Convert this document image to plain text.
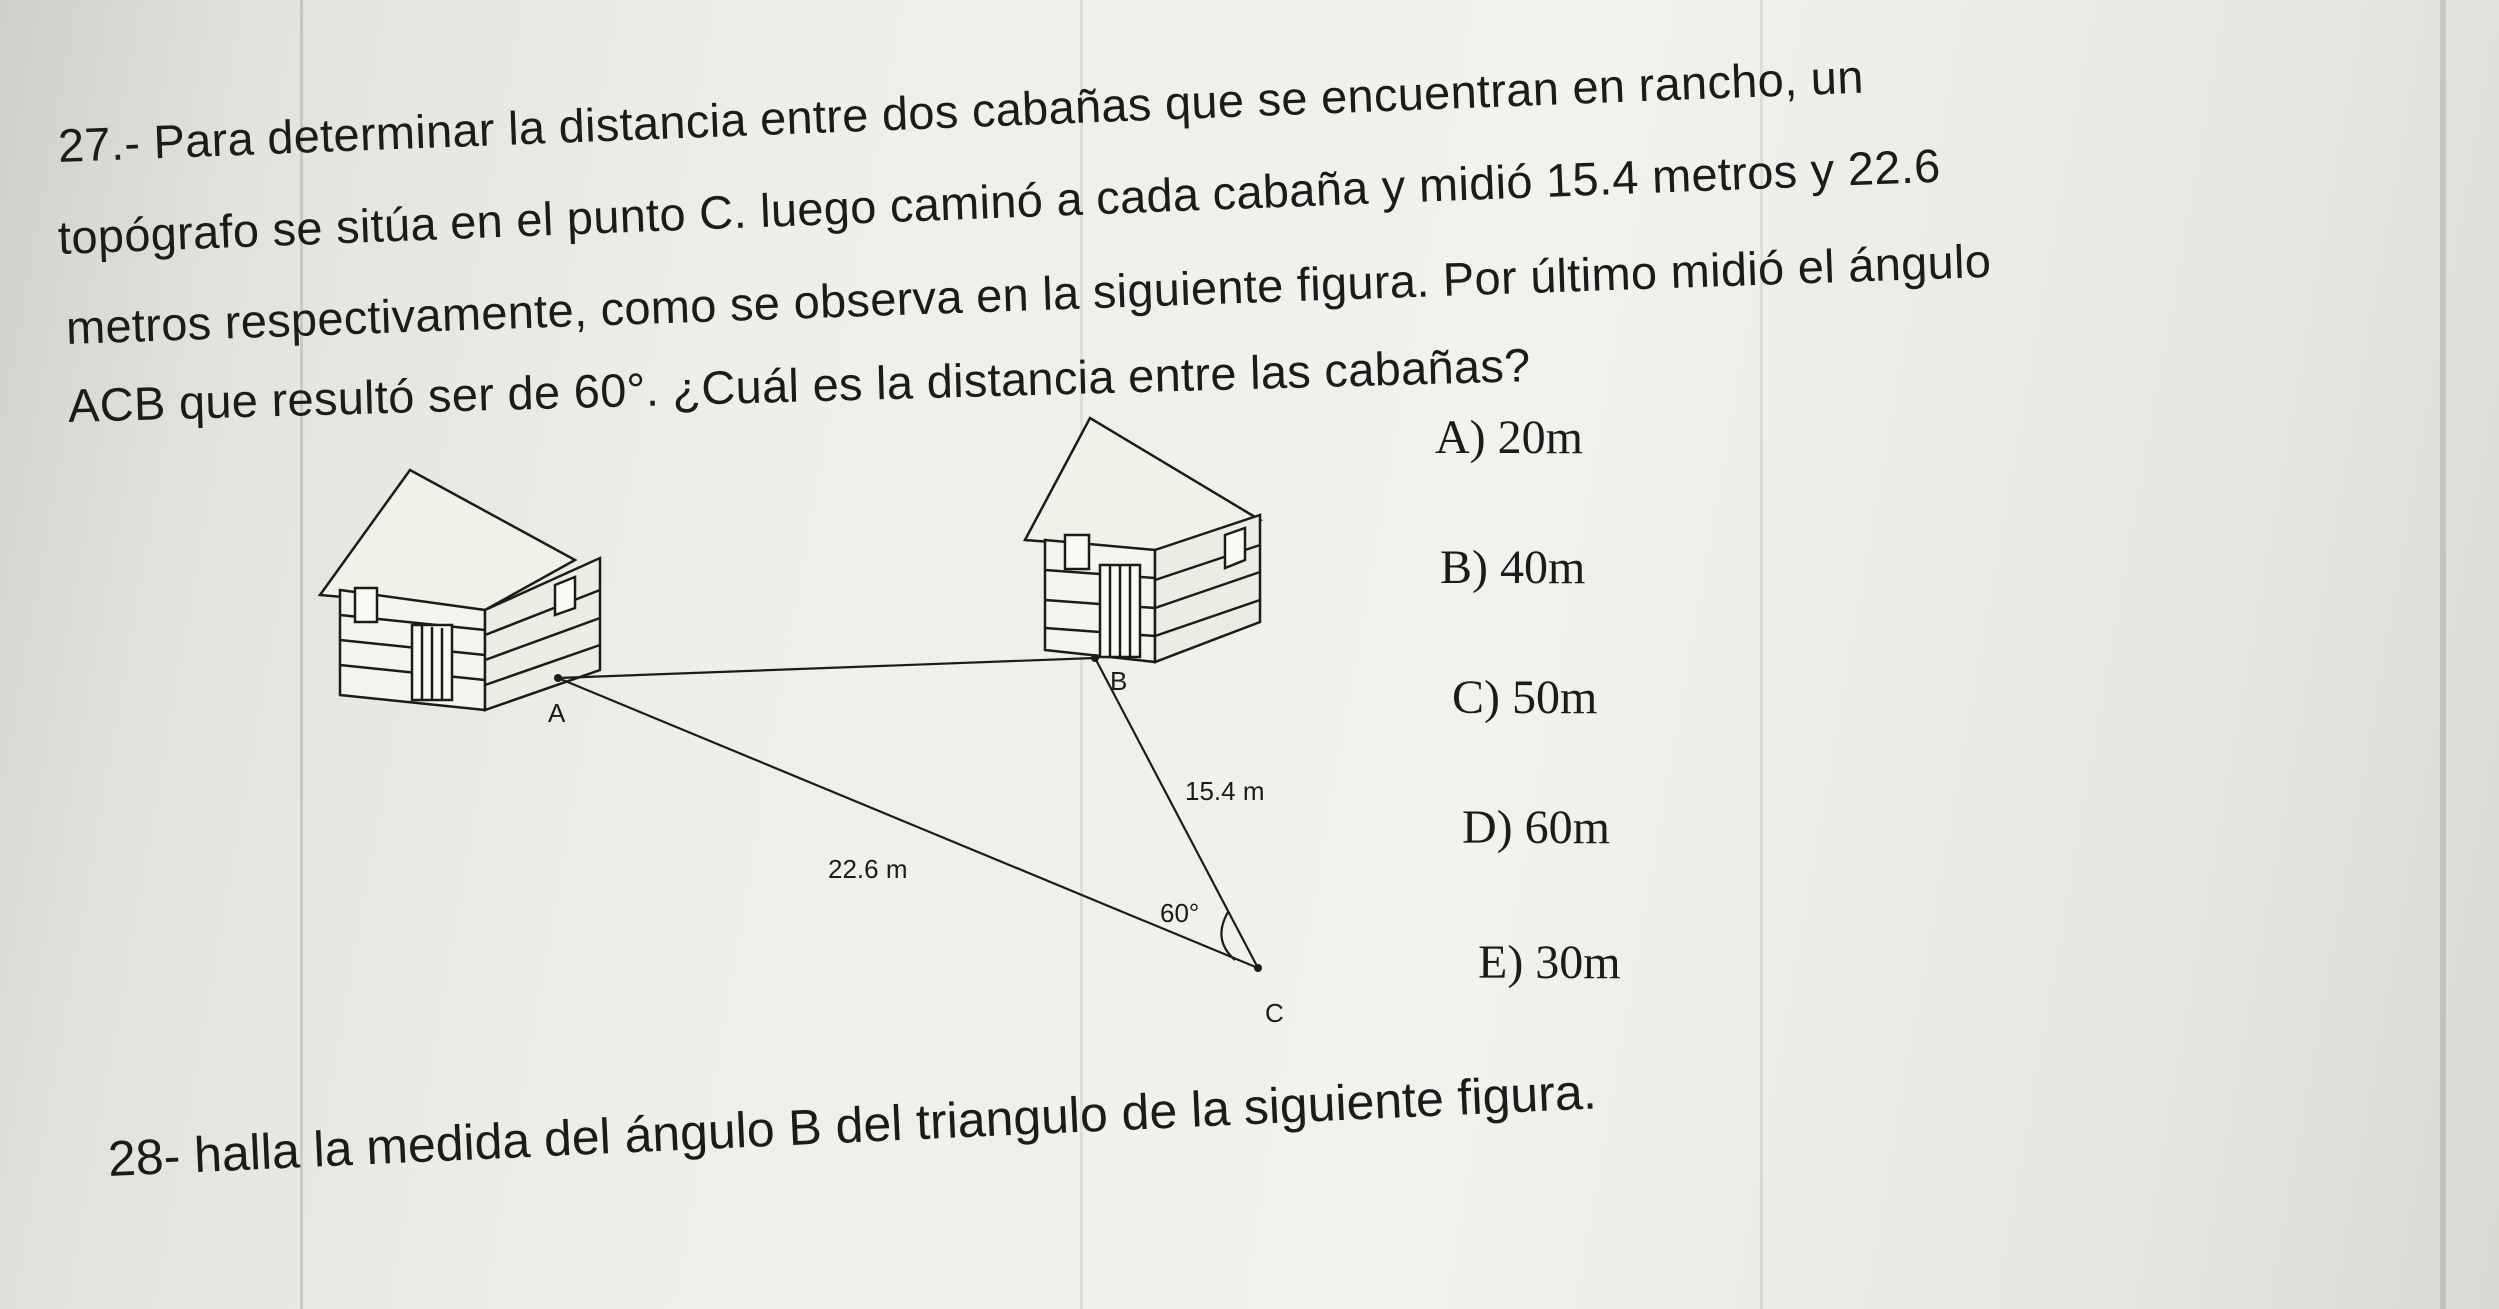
27.- Para determinar la distancia entre dos cabañas que se encuentran en rancho, un
topógrafo se sitúa en el punto C. luego caminó a cada cabaña y midió 15.4 metros y 22.6
metros respectivamente, como se observa en la siguiente figura. Por último midió el ángulo
ACB que resultó ser de 60°. ¿Cuál es la distancia entre las cabañas?
A
B
C
15.4 m
22.6 m
60°
A) 20m
B) 40m
C) 50m
D) 60m
E) 30m
28- halla la medida del ángulo B del triangulo de la siguiente figura.
